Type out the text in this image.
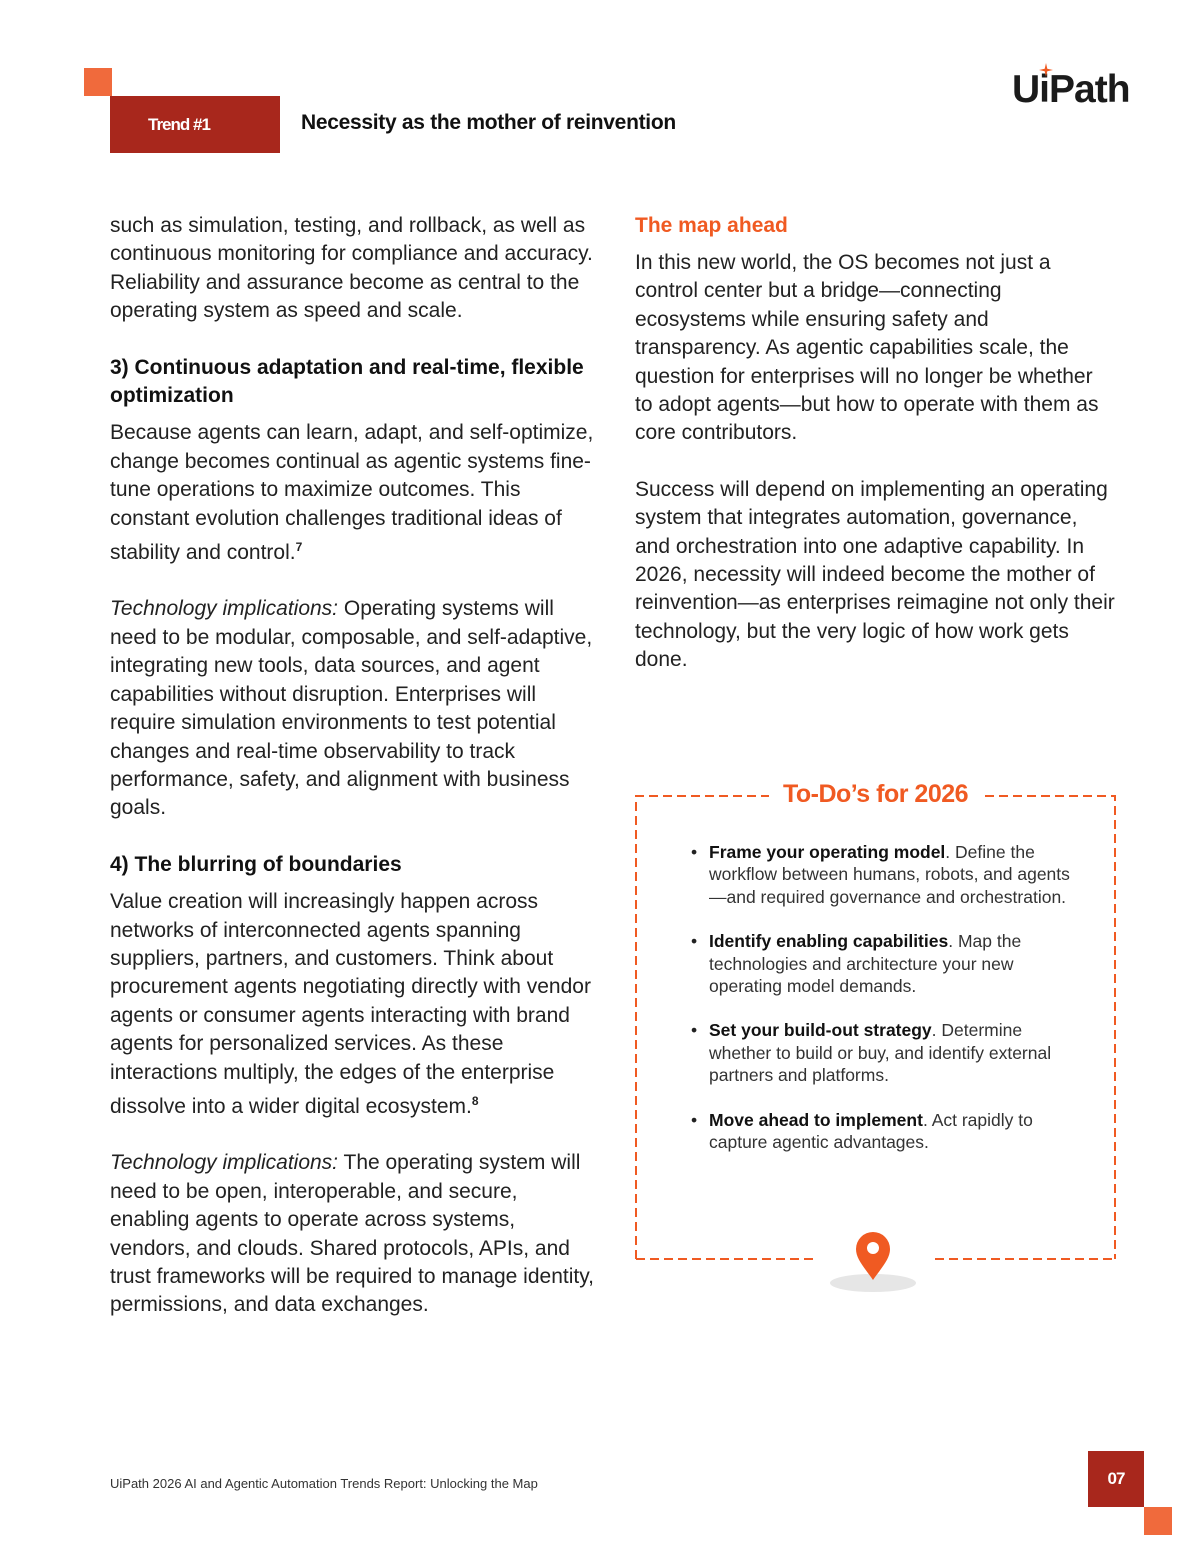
Trend #1	Necessity as the mother of reinvention
UiPath

such as simulation, testing, and rollback, as well as continuous monitoring for compliance and accuracy. Reliability and assurance become as central to the operating system as speed and scale.

3) Continuous adaptation and real-time, flexible optimization

Because agents can learn, adapt, and self-optimize, change becomes continual as agentic systems fine-tune operations to maximize outcomes. This constant evolution challenges traditional ideas of stability and control.$^7$

Technology implications: Operating systems will need to be modular, composable, and self-adaptive, integrating new tools, data sources, and agent capabilities without disruption. Enterprises will require simulation environments to test potential changes and real-time observability to track performance, safety, and alignment with business goals.

4) The blurring of boundaries

Value creation will increasingly happen across networks of interconnected agents spanning suppliers, partners, and customers. Think about procurement agents negotiating directly with vendor agents or consumer agents interacting with brand agents for personalized services. As these interactions multiply, the edges of the enterprise dissolve into a wider digital ecosystem.$^8$

Technology implications: The operating system will need to be open, interoperable, and secure, enabling agents to operate across systems, vendors, and clouds. Shared protocols, APIs, and trust frameworks will be required to manage identity, permissions, and data exchanges.

The map ahead

In this new world, the OS becomes not just a control center but a bridge—connecting ecosystems while ensuring safety and transparency. As agentic capabilities scale, the question for enterprises will no longer be whether to adopt agents—but how to operate with them as core contributors.

Success will depend on implementing an operating system that integrates automation, governance, and orchestration into one adaptive capability. In 2026, necessity will indeed become the mother of reinvention—as enterprises reimagine not only their technology, but the very logic of how work gets done.

To-Do’s for 2026
• Frame your operating model. Define the workflow between humans, robots, and agents—and required governance and orchestration.
• Identify enabling capabilities. Map the technologies and architecture your new operating model demands.
• Set your build-out strategy. Determine whether to build or buy, and identify external partners and platforms.
• Move ahead to implement. Act rapidly to capture agentic advantages.
UiPath 2026 AI and Agentic Automation Trends Report: Unlocking the Map	07
